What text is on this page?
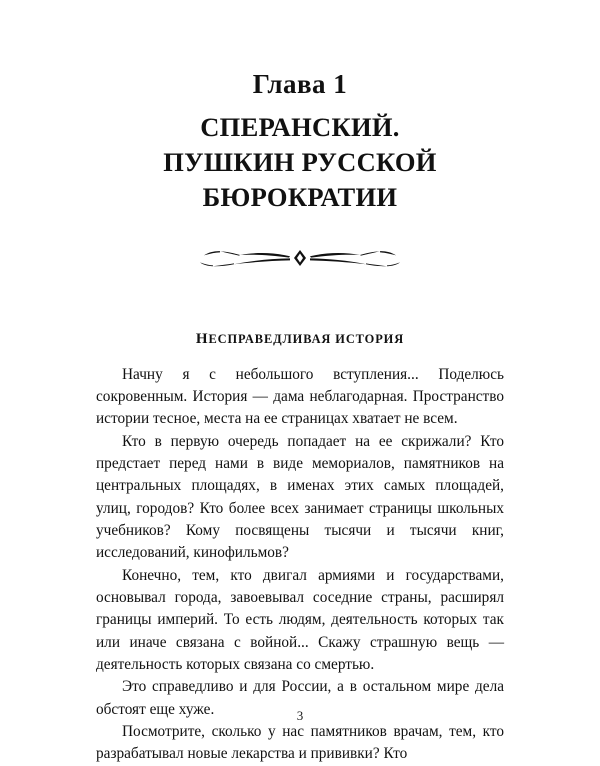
Глава 1
СПЕРАНСКИЙ.
ПУШКИН РУССКОЙ
БЮРОКРАТИИ

НЕСПРАВЕДЛИВАЯ ИСТОРИЯ

Начну я с небольшого вступления... Поделюсь сокровенным. История — дама неблагодарная. Пространство истории тесное, места на ее страницах хватает не всем.

Кто в первую очередь попадает на ее скрижали? Кто предстает перед нами в виде мемориалов, памятников на центральных площадях, в именах этих самых площадей, улиц, городов? Кто более всех занимает страницы школьных учебников? Кому посвящены тысячи и тысячи книг, исследований, кинофильмов?

Конечно, тем, кто двигал армиями и государствами, основывал города, завоевывал соседние страны, расширял границы империй. То есть людям, деятельность которых так или иначе связана с войной... Скажу страшную вещь — деятельность которых связана со смертью.

Это справедливо и для России, а в остальном мире дела обстоят еще хуже.

Посмотрите, сколько у нас памятников врачам, тем, кто разрабатывал новые лекарства и прививки? Кто

3
